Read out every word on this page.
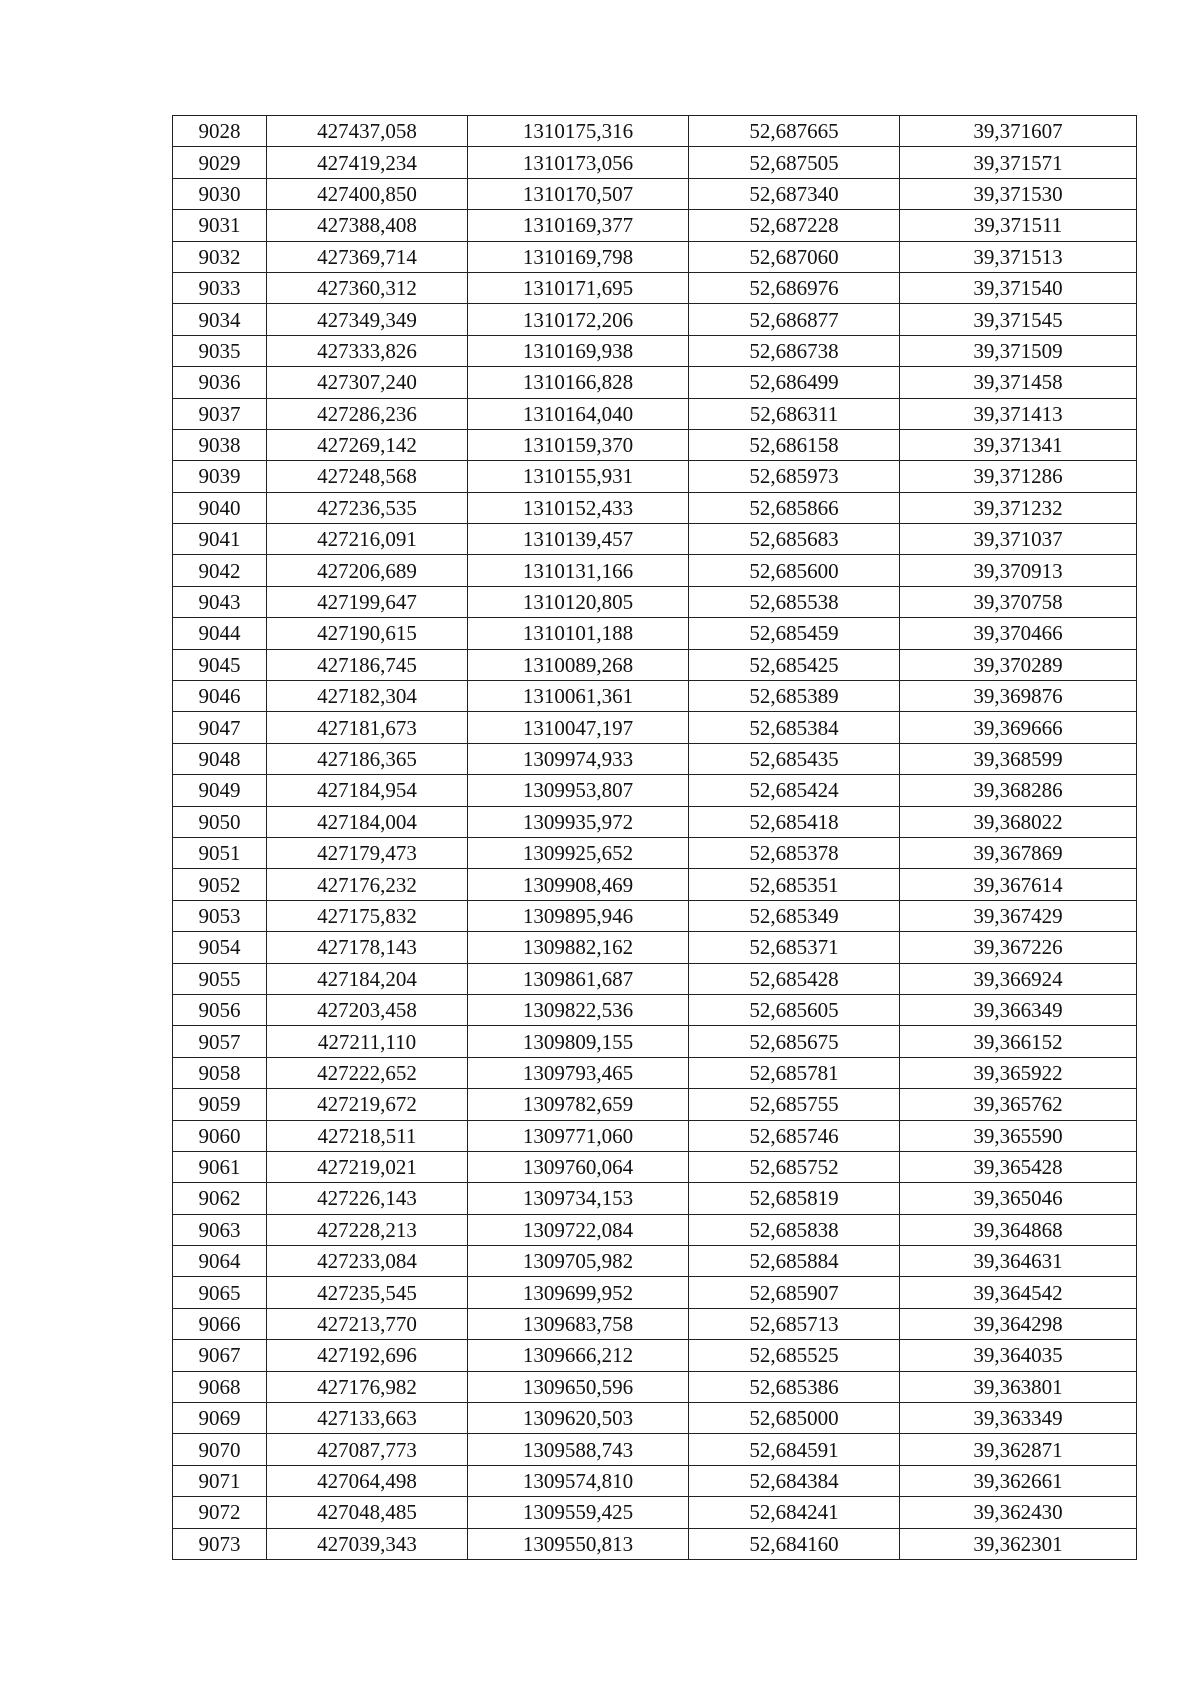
9028	427437,058	1310175,316	52,687665	39,371607
9029	427419,234	1310173,056	52,687505	39,371571
9030	427400,850	1310170,507	52,687340	39,371530
9031	427388,408	1310169,377	52,687228	39,371511
9032	427369,714	1310169,798	52,687060	39,371513
9033	427360,312	1310171,695	52,686976	39,371540
9034	427349,349	1310172,206	52,686877	39,371545
9035	427333,826	1310169,938	52,686738	39,371509
9036	427307,240	1310166,828	52,686499	39,371458
9037	427286,236	1310164,040	52,686311	39,371413
9038	427269,142	1310159,370	52,686158	39,371341
9039	427248,568	1310155,931	52,685973	39,371286
9040	427236,535	1310152,433	52,685866	39,371232
9041	427216,091	1310139,457	52,685683	39,371037
9042	427206,689	1310131,166	52,685600	39,370913
9043	427199,647	1310120,805	52,685538	39,370758
9044	427190,615	1310101,188	52,685459	39,370466
9045	427186,745	1310089,268	52,685425	39,370289
9046	427182,304	1310061,361	52,685389	39,369876
9047	427181,673	1310047,197	52,685384	39,369666
9048	427186,365	1309974,933	52,685435	39,368599
9049	427184,954	1309953,807	52,685424	39,368286
9050	427184,004	1309935,972	52,685418	39,368022
9051	427179,473	1309925,652	52,685378	39,367869
9052	427176,232	1309908,469	52,685351	39,367614
9053	427175,832	1309895,946	52,685349	39,367429
9054	427178,143	1309882,162	52,685371	39,367226
9055	427184,204	1309861,687	52,685428	39,366924
9056	427203,458	1309822,536	52,685605	39,366349
9057	427211,110	1309809,155	52,685675	39,366152
9058	427222,652	1309793,465	52,685781	39,365922
9059	427219,672	1309782,659	52,685755	39,365762
9060	427218,511	1309771,060	52,685746	39,365590
9061	427219,021	1309760,064	52,685752	39,365428
9062	427226,143	1309734,153	52,685819	39,365046
9063	427228,213	1309722,084	52,685838	39,364868
9064	427233,084	1309705,982	52,685884	39,364631
9065	427235,545	1309699,952	52,685907	39,364542
9066	427213,770	1309683,758	52,685713	39,364298
9067	427192,696	1309666,212	52,685525	39,364035
9068	427176,982	1309650,596	52,685386	39,363801
9069	427133,663	1309620,503	52,685000	39,363349
9070	427087,773	1309588,743	52,684591	39,362871
9071	427064,498	1309574,810	52,684384	39,362661
9072	427048,485	1309559,425	52,684241	39,362430
9073	427039,343	1309550,813	52,684160	39,362301
